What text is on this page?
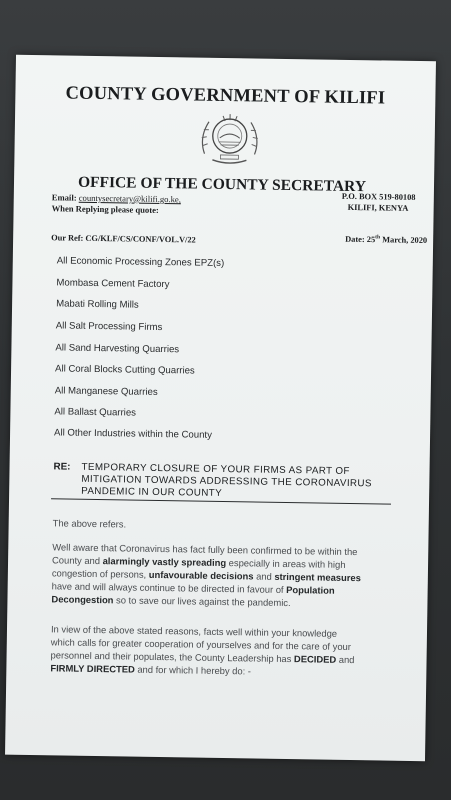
COUNTY GOVERNMENT OF KILIFI
OFFICE OF THE COUNTY SECRETARY
Email: countysecretary@kilifi.go.ke,
When Replying please quote:
P.O. BOX 519-80108
KILIFI, KENYA
Our Ref: CG/KLF/CS/CONF/VOL.V/22	Date: 25th March, 2020
All Economic Processing Zones EPZ(s)
Mombasa Cement Factory
Mabati Rolling Mills
All Salt Processing Firms
All Sand Harvesting Quarries
All Coral Blocks Cutting Quarries
All Manganese Quarries
All Ballast Quarries
All Other Industries within the County
RE: TEMPORARY CLOSURE OF YOUR FIRMS AS PART OF
MITIGATION TOWARDS ADDRESSING THE CORONAVIRUS
PANDEMIC IN OUR COUNTY
The above refers.
Well aware that Coronavirus has fact fully been confirmed to be within the
County and alarmingly vastly spreading especially in areas with high
congestion of persons, unfavourable decisions and stringent measures
have and will always continue to be directed in favour of Population
Decongestion so to save our lives against the pandemic.
In view of the above stated reasons, facts well within your knowledge
which calls for greater cooperation of yourselves and for the care of your
personnel and their populates, the County Leadership has DECIDED and
FIRMLY DIRECTED and for which I hereby do: -
